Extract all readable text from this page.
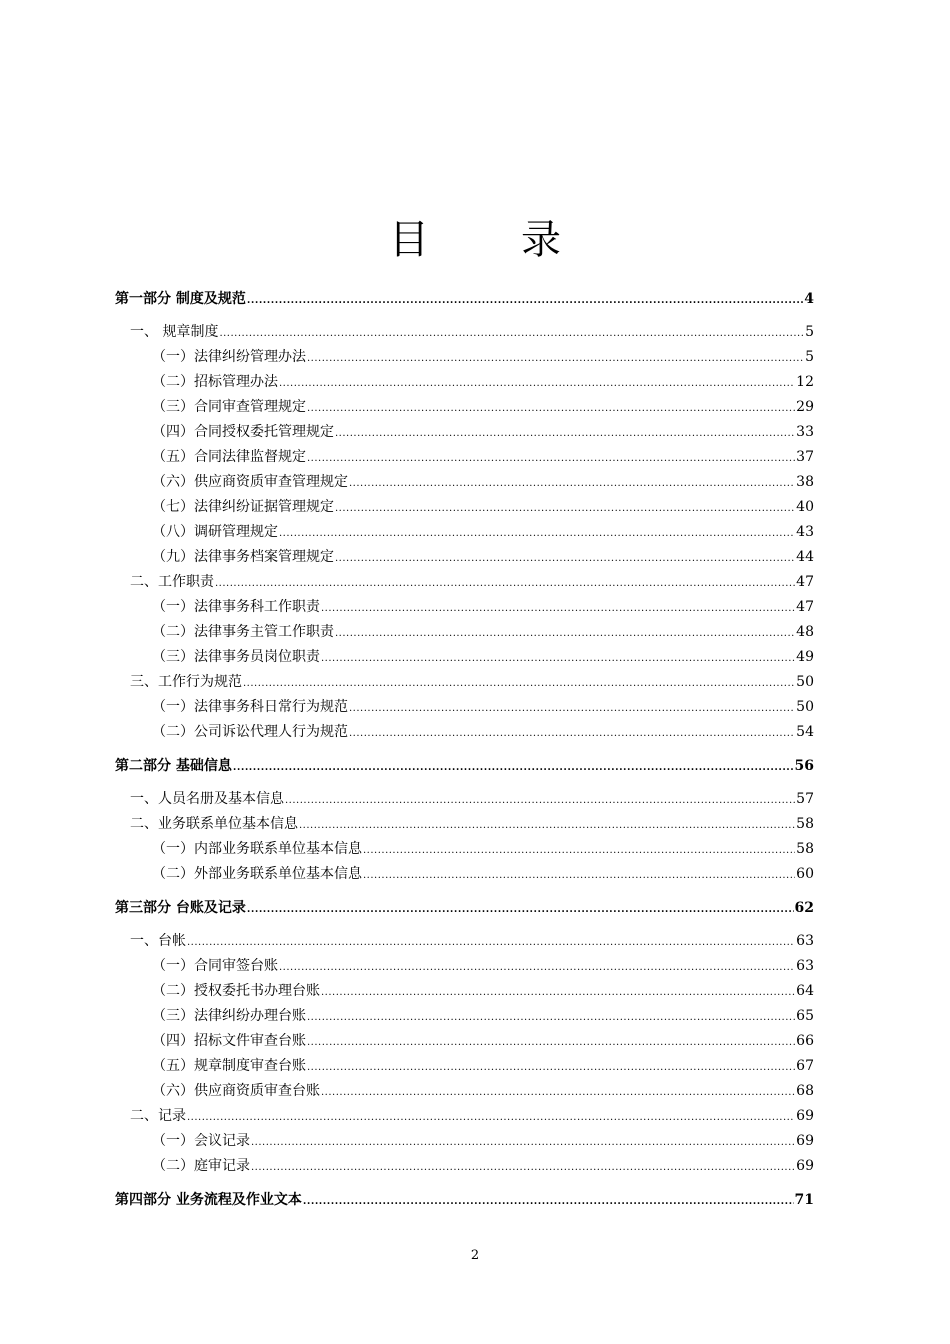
目 录
第一部分 制度及规范 .....	4
一、 规章制度 .....	5
（一）法律纠纷管理办法 .....	5
（二）招标管理办法 .....	12
（三）合同审查管理规定 .....	29
（四）合同授权委托管理规定 .....	33
（五）合同法律监督规定 .....	37
（六）供应商资质审查管理规定 .....	38
（七）法律纠纷证据管理规定 .....	40
（八）调研管理规定 .....	43
（九）法律事务档案管理规定 .....	44
二、工作职责 .....	47
（一）法律事务科工作职责 .....	47
（二）法律事务主管工作职责 .....	48
（三）法律事务员岗位职责 .....	49
三、工作行为规范 .....	50
（一）法律事务科日常行为规范 .....	50
（二）公司诉讼代理人行为规范 .....	54
第二部分 基础信息 .....	56
一、人员名册及基本信息 .....	57
二、业务联系单位基本信息 .....	58
（一）内部业务联系单位基本信息 .....	58
（二）外部业务联系单位基本信息 .....	60
第三部分 台账及记录 .....	62
一、台帐 .....	63
（一）合同审签台账 .....	63
（二）授权委托书办理台账 .....	64
（三）法律纠纷办理台账 .....	65
（四）招标文件审查台账 .....	66
（五）规章制度审查台账 .....	67
（六）供应商资质审查台账 .....	68
二、记录 .....	69
（一）会议记录 .....	69
（二）庭审记录 .....	69
第四部分 业务流程及作业文本 .....	71
2
